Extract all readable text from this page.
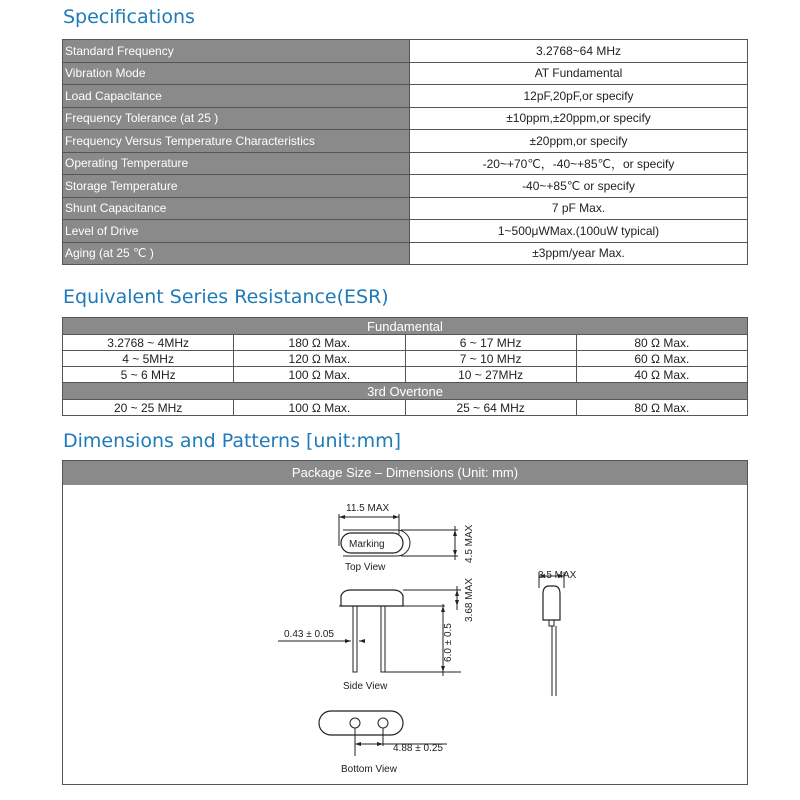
Specifications
Standard Frequency	3.2768~64 MHz
Vibration Mode	AT Fundamental
Load Capacitance	12pF,20pF,or specify
Frequency Tolerance (at 25 )	±10ppm,±20ppm,or specify
Frequency Versus Temperature Characteristics	±20ppm,or specify
Operating Temperature	-20~+70℃，-40~+85℃，or specify
Storage Temperature	-40~+85℃ or specify
Shunt Capacitance	7 pF Max.
Level of Drive	1~500μWMax.(100uW typical)
Aging (at 25 ℃ )	±3ppm/year Max.
Equivalent Series Resistance(ESR)
Fundamental			
3.2768 ~ 4MHz	180 Ω Max.	6 ~ 17 MHz	80 Ω Max.
4 ~ 5MHz	120 Ω Max.	7 ~ 10 MHz	60 Ω Max.
5 ~ 6 MHz	100 Ω Max.	10 ~ 27MHz	40 Ω Max.
3rd Overtone			
20 ~ 25 MHz	100 Ω Max.	25 ~ 64 MHz	80 Ω Max.
Dimensions and Patterns [unit:mm]
Package Size – Dimensions (Unit: mm)
11.5 MAX
Marking	4.5 MAX
Top View
3.68 MAX
6.0 ± 0.5
0.43 ± 0.05
Side View
4.88 ± 0.25
Bottom View
3.5 MAX
